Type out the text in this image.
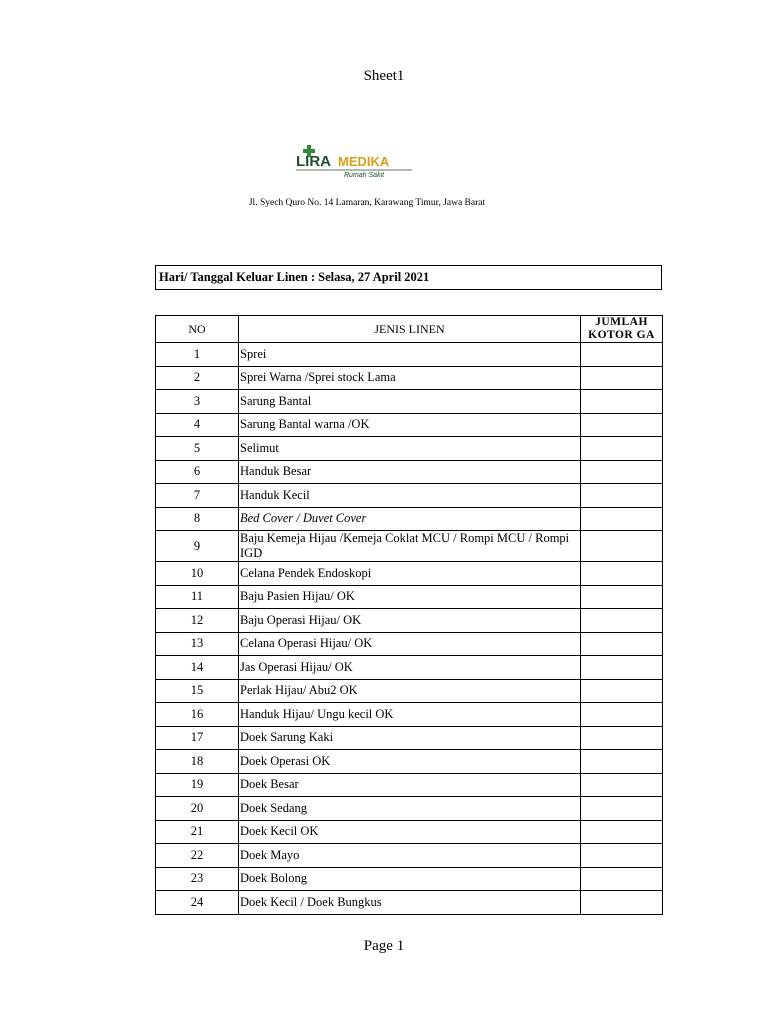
Sheet1
LIRA MEDIKA
Rumah Sakit
Jl. Syech Quro No. 14 Lamaran, Karawang Timur, Jawa Barat
Hari/ Tanggal Keluar Linen : Selasa, 27 April 2021
NO	JENIS LINEN	JUMLAH
KOTOR GA

1	Sprei	
2	Sprei Warna /Sprei stock Lama	
3	Sarung Bantal	
4	Sarung Bantal warna /OK	
5	Selimut	
6	Handuk Besar	
7	Handuk Kecil	
8	Bed Cover / Duvet Cover	
9	Baju Kemeja Hijau /Kemeja Coklat MCU / Rompi MCU / Rompi IGD	
10	Celana Pendek Endoskopi	
11	Baju Pasien Hijau/ OK	
12	Baju Operasi Hijau/ OK	
13	Celana Operasi Hijau/ OK	
14	Jas Operasi Hijau/ OK	
15	Perlak Hijau/ Abu2 OK	
16	Handuk Hijau/ Ungu kecil OK	
17	Doek Sarung Kaki	
18	Doek Operasi OK	
19	Doek Besar	
20	Doek Sedang	
21	Doek Kecil OK	
22	Doek Mayo	
23	Doek Bolong	
24	Doek Kecil / Doek Bungkus	
Page 1
